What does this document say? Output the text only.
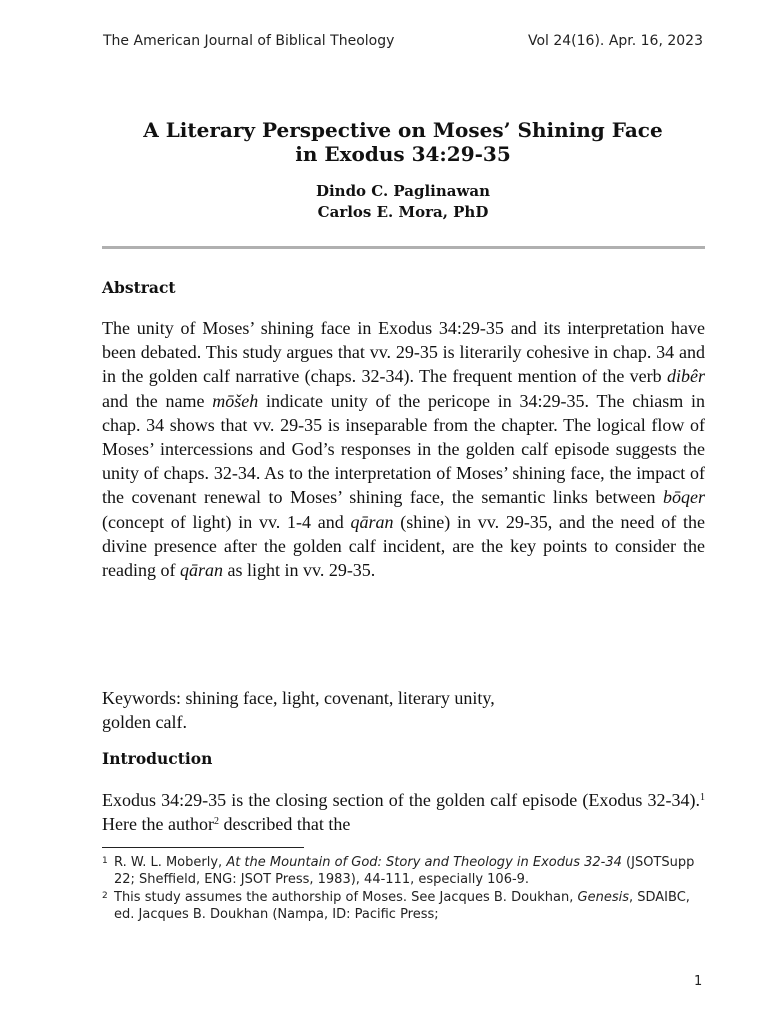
The American Journal of Biblical Theology	Vol 24(16). Apr. 16, 2023
A Literary Perspective on Moses’ Shining Face
in Exodus 34:29-35
Dindo C. Paglinawan
Carlos E. Mora, PhD
Abstract
The unity of Moses’ shining face in Exodus 34:29-35 and its interpretation have been debated. This study argues that vv. 29-35 is literarily cohesive in chap. 34 and in the golden calf narrative (chaps. 32-34). The frequent mention of the verb dibêr and the name mōšeh indicate unity of the pericope in 34:29-35. The chiasm in chap. 34 shows that vv. 29-35 is inseparable from the chapter. The logical flow of Moses’ intercessions and God’s responses in the golden calf episode suggests the unity of chaps. 32-34. As to the interpretation of Moses’ shining face, the impact of the covenant renewal to Moses’ shining face, the semantic links between bōqer (concept of light) in vv. 1-4 and qāran (shine) in vv. 29-35, and the need of the divine presence after the golden calf incident, are the key points to consider the reading of qāran as light in vv. 29-35.
Keywords: shining face, light, covenant, literary unity,
golden calf.
Introduction
Exodus 34:29-35 is the closing section of the golden calf episode (Exodus 32-34).$^1$ Here the author$^2$ described that the
1 R. W. L. Moberly, At the Mountain of God: Story and Theology in Exodus 32-34 (JSOTSupp 22; Sheffield, ENG: JSOT Press, 1983), 44-111, especially 106-9.
2 This study assumes the authorship of Moses. See Jacques B. Doukhan, Genesis, SDAIBC, ed. Jacques B. Doukhan (Nampa, ID: Pacific Press;
1
